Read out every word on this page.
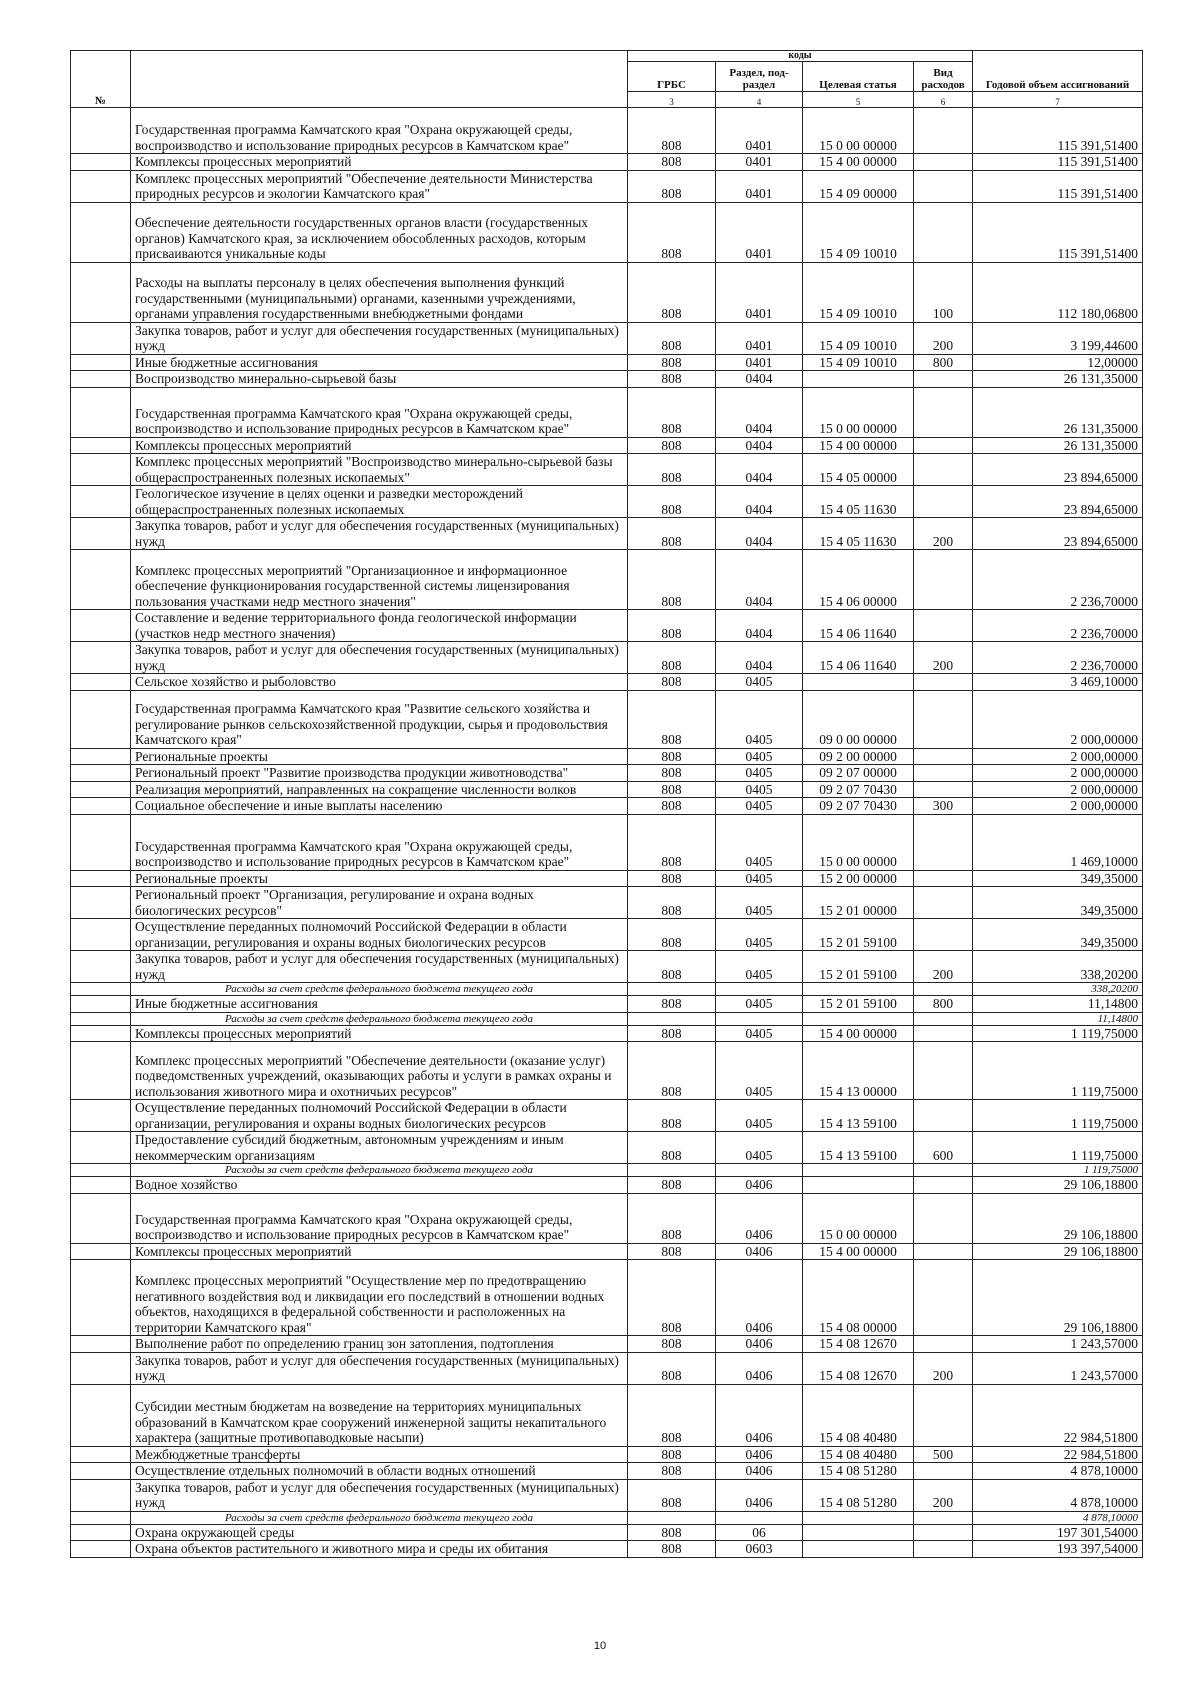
№		коды				Годовой объем ассигнований
		ГРБС	Раздел, под-раздел	Целевая статья	Вид расходов	
		3	4	5	6	7
	Государственная программа Камчатского края "Охрана окружающей среды, воспроизводство и использование природных ресурсов в Камчатском крае"	808	0401	15 0 00 00000		115 391,51400
	Комплексы процессных мероприятий	808	0401	15 4 00 00000		115 391,51400
	Комплекс процессных мероприятий "Обеспечение деятельности Министерства природных ресурсов и экологии Камчатского края"	808	0401	15 4 09 00000		115 391,51400
	Обеспечение деятельности государственных органов власти (государственных органов) Камчатского края, за исключением обособленных расходов, которым присваиваются уникальные коды	808	0401	15 4 09 10010		115 391,51400
	Расходы на выплаты персоналу в целях обеспечения выполнения функций государственными (муниципальными) органами, казенными учреждениями, органами управления государственными внебюджетными фондами	808	0401	15 4 09 10010	100	112 180,06800
	Закупка товаров, работ и услуг для обеспечения государственных (муниципальных) нужд	808	0401	15 4 09 10010	200	3 199,44600
	Иные бюджетные ассигнования	808	0401	15 4 09 10010	800	12,00000
	Воспроизводство минерально-сырьевой базы	808	0404			26 131,35000
	Государственная программа Камчатского края "Охрана окружающей среды, воспроизводство и использование природных ресурсов в Камчатском крае"	808	0404	15 0 00 00000		26 131,35000
	Комплексы процессных мероприятий	808	0404	15 4 00 00000		26 131,35000
	Комплекс процессных мероприятий "Воспроизводство минерально-сырьевой базы общераспространенных полезных ископаемых"	808	0404	15 4 05 00000		23 894,65000
	Геологическое изучение в целях оценки и разведки месторождений общераспространенных полезных ископаемых	808	0404	15 4 05 11630		23 894,65000
	Закупка товаров, работ и услуг для обеспечения государственных (муниципальных) нужд	808	0404	15 4 05 11630	200	23 894,65000
	Комплекс процессных мероприятий "Организационное и информационное обеспечение функционирования государственной системы лицензирования пользования участками недр местного значения"	808	0404	15 4 06 00000		2 236,70000
	Составление и ведение территориального фонда геологической информации (участков недр местного значения)	808	0404	15 4 06 11640		2 236,70000
	Закупка товаров, работ и услуг для обеспечения государственных (муниципальных) нужд	808	0404	15 4 06 11640	200	2 236,70000
	Сельское хозяйство и рыболовство	808	0405			3 469,10000
	Государственная программа Камчатского края "Развитие сельского хозяйства и регулирование рынков сельскохозяйственной продукции, сырья и продовольствия Камчатского края"	808	0405	09 0 00 00000		2 000,00000
	Региональные проекты	808	0405	09 2 00 00000		2 000,00000
	Региональный проект "Развитие производства продукции животноводства"	808	0405	09 2 07 00000		2 000,00000
	Реализация мероприятий, направленных на сокращение численности волков	808	0405	09 2 07 70430		2 000,00000
	Социальное обеспечение и иные выплаты населению	808	0405	09 2 07 70430	300	2 000,00000
	Государственная программа Камчатского края "Охрана окружающей среды, воспроизводство и использование природных ресурсов в Камчатском крае"	808	0405	15 0 00 00000		1 469,10000
	Региональные проекты	808	0405	15 2 00 00000		349,35000
	Региональный проект "Организация, регулирование и охрана водных биологических ресурсов"	808	0405	15 2 01 00000		349,35000
	Осуществление переданных полномочий Российской Федерации в области организации, регулирования и охраны водных биологических ресурсов	808	0405	15 2 01 59100		349,35000
	Закупка товаров, работ и услуг для обеспечения государственных (муниципальных) нужд	808	0405	15 2 01 59100	200	338,20200
	Расходы за счет средств федерального бюджета текущего года					338,20200
	Иные бюджетные ассигнования	808	0405	15 2 01 59100	800	11,14800
	Расходы за счет средств федерального бюджета текущего года					11,14800
	Комплексы процессных мероприятий	808	0405	15 4 00 00000		1 119,75000
	Комплекс процессных мероприятий "Обеспечение деятельности (оказание услуг) подведомственных учреждений, оказывающих работы и услуги в рамках охраны и использования животного мира и охотничьих ресурсов"	808	0405	15 4 13 00000		1 119,75000
	Осуществление переданных полномочий Российской Федерации в области организации, регулирования и охраны водных биологических ресурсов	808	0405	15 4 13 59100		1 119,75000
	Предоставление субсидий бюджетным, автономным учреждениям и иным некоммерческим организациям	808	0405	15 4 13 59100	600	1 119,75000
	Расходы за счет средств федерального бюджета текущего года					1 119,75000
	Водное хозяйство	808	0406			29 106,18800
	Государственная программа Камчатского края "Охрана окружающей среды, воспроизводство и использование природных ресурсов в Камчатском крае"	808	0406	15 0 00 00000		29 106,18800
	Комплексы процессных мероприятий	808	0406	15 4 00 00000		29 106,18800
	Комплекс процессных мероприятий "Осуществление мер по предотвращению негативного воздействия вод и ликвидации его последствий в отношении водных объектов, находящихся в федеральной собственности и расположенных на территории Камчатского края"	808	0406	15 4 08 00000		29 106,18800
	Выполнение работ по определению границ зон затопления, подтопления	808	0406	15 4 08 12670		1 243,57000
	Закупка товаров, работ и услуг для обеспечения государственных (муниципальных) нужд	808	0406	15 4 08 12670	200	1 243,57000
	Субсидии местным бюджетам на возведение на территориях муниципальных образований в Камчатском крае сооружений инженерной защиты некапитального характера (защитные противопаводковые насыпи)	808	0406	15 4 08 40480		22 984,51800
	Межбюджетные трансферты	808	0406	15 4 08 40480	500	22 984,51800
	Осуществление отдельных полномочий в области водных отношений	808	0406	15 4 08 51280		4 878,10000
	Закупка товаров, работ и услуг для обеспечения государственных (муниципальных) нужд	808	0406	15 4 08 51280	200	4 878,10000
	Расходы за счет средств федерального бюджета текущего года					4 878,10000
	Охрана окружающей среды	808	06			197 301,54000
	Охрана объектов растительного и животного мира и среды их обитания	808	0603			193 397,54000
10
